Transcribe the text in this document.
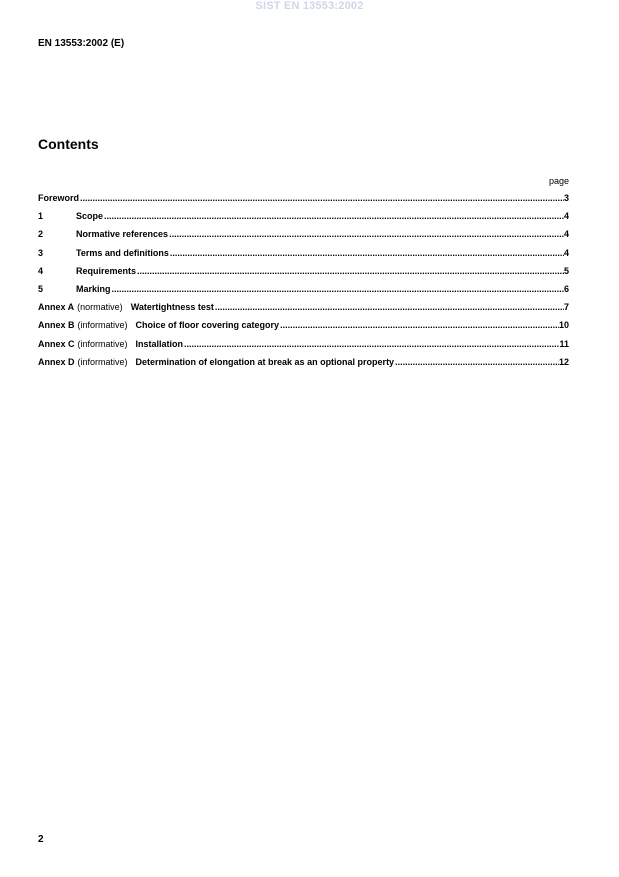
SIST EN 13553:2002
EN 13553:2002 (E)
Contents
page
Foreword .....	3
1	Scope .....	4
2	Normative references .....	4
3	Terms and definitions .....	4
4	Requirements .....	5
5	Marking .....	6
Annex A (normative) Watertightness test .....	7
Annex B (informative) Choice of floor covering category .....	10
Annex C (informative) Installation .....	11
Annex D (informative) Determination of elongation at break as an optional property .....	12
2
